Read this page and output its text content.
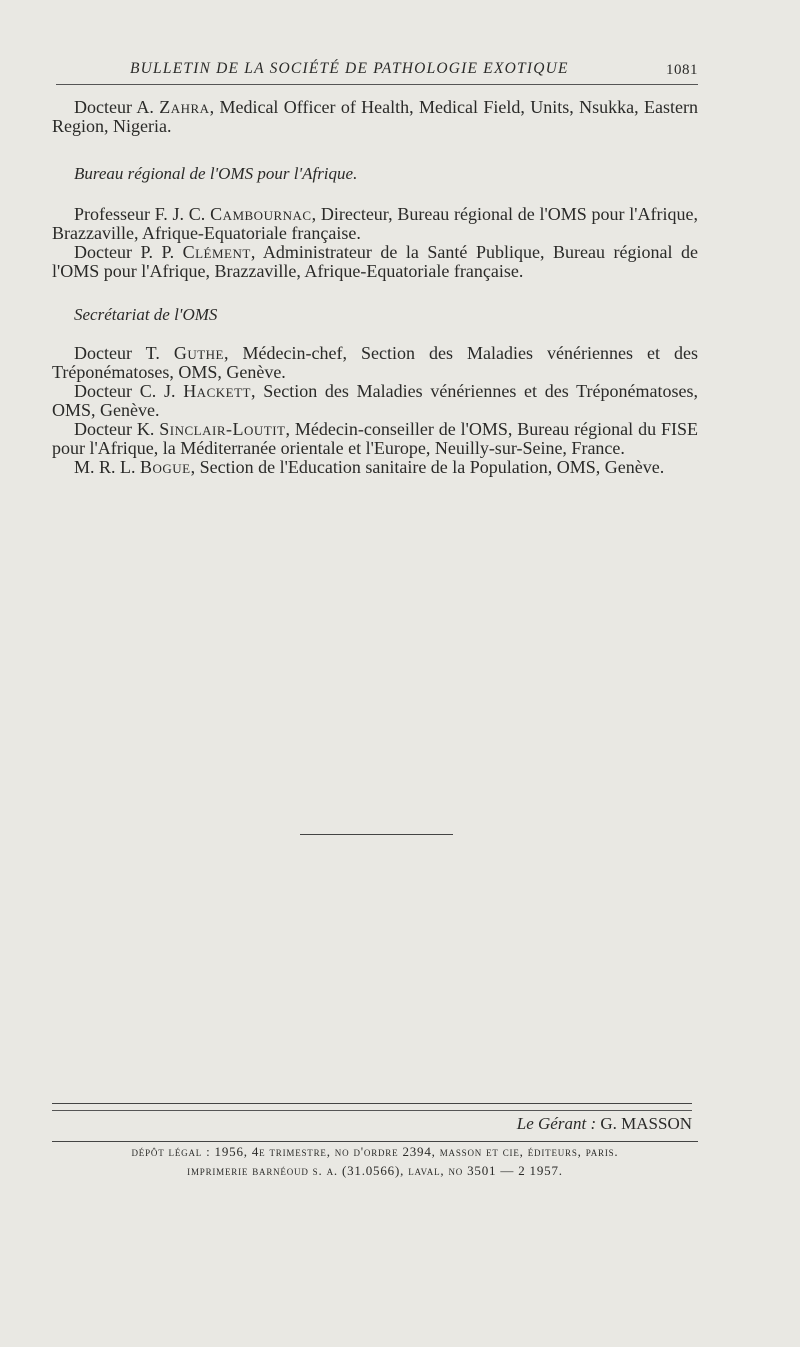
BULLETIN DE LA SOCIÉTÉ DE PATHOLOGIE EXOTIQUE	1081

Docteur A. Zahra, Medical Officer of Health, Medical Field, Units, Nsukka, Eastern Region, Nigeria.

Bureau régional de l'OMS pour l'Afrique.

Professeur F. J. C. Cambournac, Directeur, Bureau régional de l'OMS pour l'Afrique, Brazzaville, Afrique-Equatoriale française.

Docteur P. P. Clément, Administrateur de la Santé Publique, Bureau régional de l'OMS pour l'Afrique, Brazzaville, Afrique-Equatoriale française.

Secrétariat de l'OMS

Docteur T. Guthe, Médecin-chef, Section des Maladies vénériennes et des Tréponématoses, OMS, Genève.

Docteur C. J. Hackett, Section des Maladies vénériennes et des Tréponématoses, OMS, Genève.

Docteur K. Sinclair-Loutit, Médecin-conseiller de l'OMS, Bureau régional du FISE pour l'Afrique, la Méditerranée orientale et l'Europe, Neuilly-sur-Seine, France.

M. R. L. Bogue, Section de l'Education sanitaire de la Population, OMS, Genève.

Le Gérant : G. MASSON
dépôt légal : 1956, 4e trimestre, no d'ordre 2394, masson et cie, éditeurs, paris.
imprimerie barnéoud s. a. (31.0566), laval, no 3501 — 2 1957.
